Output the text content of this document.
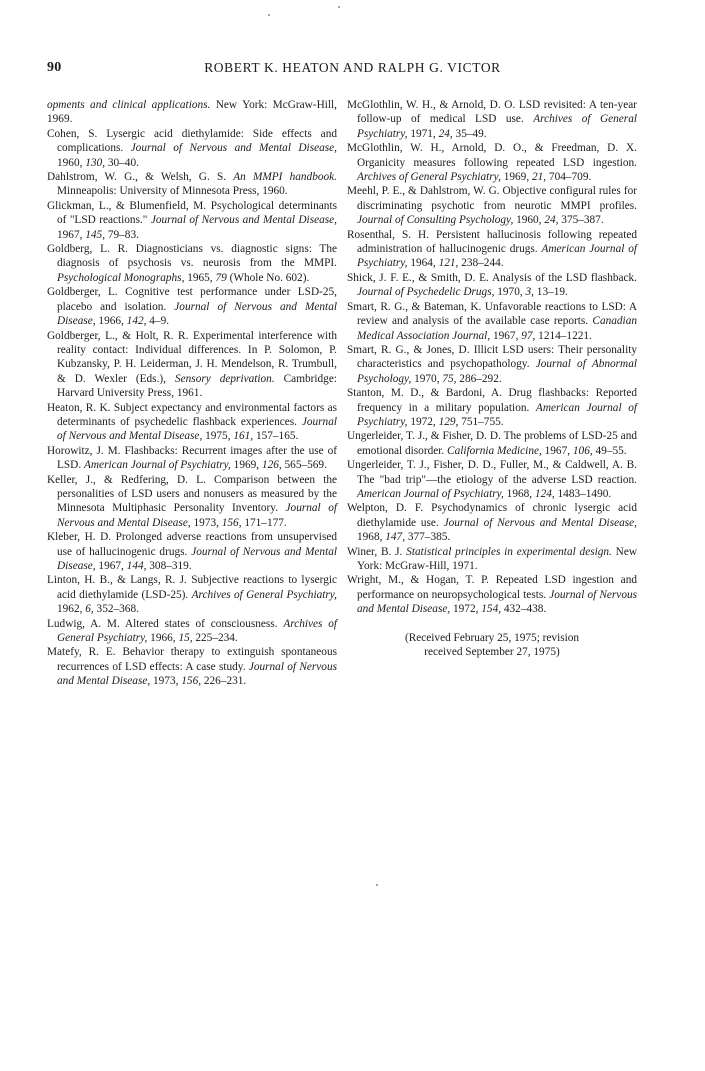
90	ROBERT K. HEATON AND RALPH G. VICTOR

opments and clinical applications. New York: McGraw-Hill, 1969.

Cohen, S. Lysergic acid diethylamide: Side effects and complications. Journal of Nervous and Mental Disease, 1960, 130, 30–40.

Dahlstrom, W. G., & Welsh, G. S. An MMPI handbook. Minneapolis: University of Minnesota Press, 1960.

Glickman, L., & Blumenfield, M. Psychological determinants of "LSD reactions." Journal of Nervous and Mental Disease, 1967, 145, 79–83.

Goldberg, L. R. Diagnosticians vs. diagnostic signs: The diagnosis of psychosis vs. neurosis from the MMPI. Psychological Monographs, 1965, 79 (Whole No. 602).

Goldberger, L. Cognitive test performance under LSD-25, placebo and isolation. Journal of Nervous and Mental Disease, 1966, 142, 4–9.

Goldberger, L., & Holt, R. R. Experimental interference with reality contact: Individual differences. In P. Solomon, P. Kubzansky, P. H. Leiderman, J. H. Mendelson, R. Trumbull, & D. Wexler (Eds.), Sensory deprivation. Cambridge: Harvard University Press, 1961.

Heaton, R. K. Subject expectancy and environmental factors as determinants of psychedelic flashback experiences. Journal of Nervous and Mental Disease, 1975, 161, 157–165.

Horowitz, J. M. Flashbacks: Recurrent images after the use of LSD. American Journal of Psychiatry, 1969, 126, 565–569.

Keller, J., & Redfering, D. L. Comparison between the personalities of LSD users and nonusers as measured by the Minnesota Multiphasic Personality Inventory. Journal of Nervous and Mental Disease, 1973, 156, 171–177.

Kleber, H. D. Prolonged adverse reactions from unsupervised use of hallucinogenic drugs. Journal of Nervous and Mental Disease, 1967, 144, 308–319.

Linton, H. B., & Langs, R. J. Subjective reactions to lysergic acid diethylamide (LSD-25). Archives of General Psychiatry, 1962, 6, 352–368.

Ludwig, A. M. Altered states of consciousness. Archives of General Psychiatry, 1966, 15, 225–234.

Matefy, R. E. Behavior therapy to extinguish spontaneous recurrences of LSD effects: A case study. Journal of Nervous and Mental Disease, 1973, 156, 226–231.

McGlothlin, W. H., & Arnold, D. O. LSD revisited: A ten-year follow-up of medical LSD use. Archives of General Psychiatry, 1971, 24, 35–49.

McGlothlin, W. H., Arnold, D. O., & Freedman, D. X. Organicity measures following repeated LSD ingestion. Archives of General Psychiatry, 1969, 21, 704–709.

Meehl, P. E., & Dahlstrom, W. G. Objective configural rules for discriminating psychotic from neurotic MMPI profiles. Journal of Consulting Psychology, 1960, 24, 375–387.

Rosenthal, S. H. Persistent hallucinosis following repeated administration of hallucinogenic drugs. American Journal of Psychiatry, 1964, 121, 238–244.

Shick, J. F. E., & Smith, D. E. Analysis of the LSD flashback. Journal of Psychedelic Drugs, 1970, 3, 13–19.

Smart, R. G., & Bateman, K. Unfavorable reactions to LSD: A review and analysis of the available case reports. Canadian Medical Association Journal, 1967, 97, 1214–1221.

Smart, R. G., & Jones, D. Illicit LSD users: Their personality characteristics and psychopathology. Journal of Abnormal Psychology, 1970, 75, 286–292.

Stanton, M. D., & Bardoni, A. Drug flashbacks: Reported frequency in a military population. American Journal of Psychiatry, 1972, 129, 751–755.

Ungerleider, T. J., & Fisher, D. D. The problems of LSD-25 and emotional disorder. California Medicine, 1967, 106, 49–55.

Ungerleider, T. J., Fisher, D. D., Fuller, M., & Caldwell, A. B. The "bad trip"—the etiology of the adverse LSD reaction. American Journal of Psychiatry, 1968, 124, 1483–1490.

Welpton, D. F. Psychodynamics of chronic lysergic acid diethylamide use. Journal of Nervous and Mental Disease, 1968, 147, 377–385.

Winer, B. J. Statistical principles in experimental design. New York: McGraw-Hill, 1971.

Wright, M., & Hogan, T. P. Repeated LSD ingestion and performance on neuropsychological tests. Journal of Nervous and Mental Disease, 1972, 154, 432–438.

(Received February 25, 1975; revision
received September 27, 1975)
